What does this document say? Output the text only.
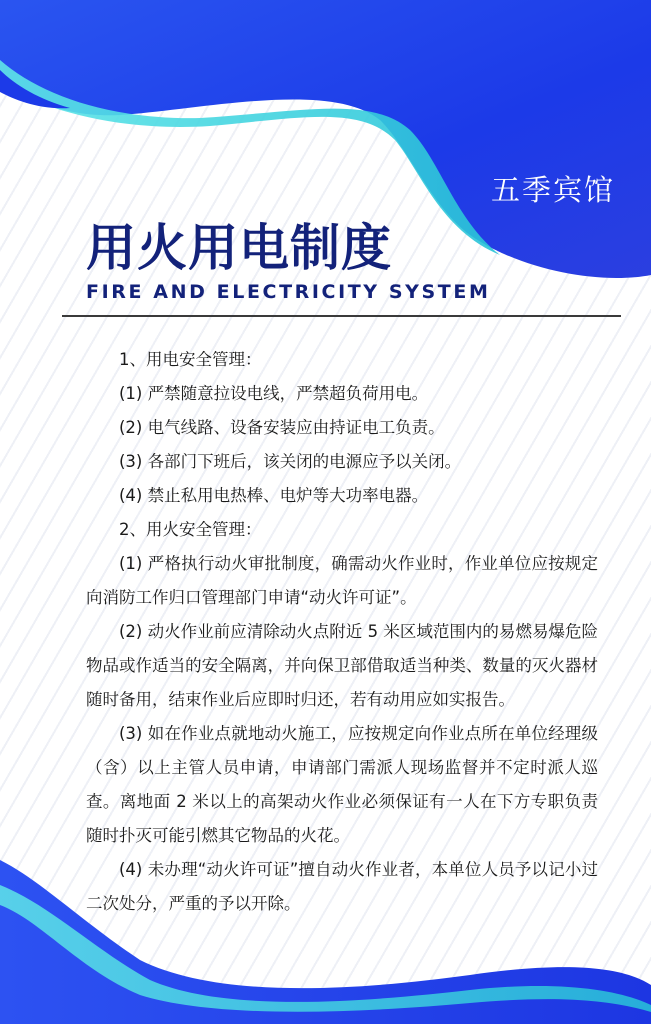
五季宾馆
用火用电制度
FIRE AND ELECTRICITY SYSTEM

1、用电安全管理：

(1) 严禁随意拉设电线，严禁超负荷用电。

(2) 电气线路、设备安装应由持证电工负责。

(3) 各部门下班后，该关闭的电源应予以关闭。

(4) 禁止私用电热棒、电炉等大功率电器。

2、用火安全管理：

(1) 严格执行动火审批制度，确需动火作业时，作业单位应按规定向消防工作归口管理部门申请“动火许可证”。

(2) 动火作业前应清除动火点附近 5 米区域范围内的易燃易爆危险物品或作适当的安全隔离，并向保卫部借取适当种类、数量的灭火器材随时备用，结束作业后应即时归还，若有动用应如实报告。

(3) 如在作业点就地动火施工，应按规定向作业点所在单位经理级（含）以上主管人员申请，申请部门需派人现场监督并不定时派人巡查。离地面 2 米以上的高架动火作业必须保证有一人在下方专职负责随时扑灭可能引燃其它物品的火花。

(4) 未办理“动火许可证”擅自动火作业者，本单位人员予以记小过二次处分，严重的予以开除。
